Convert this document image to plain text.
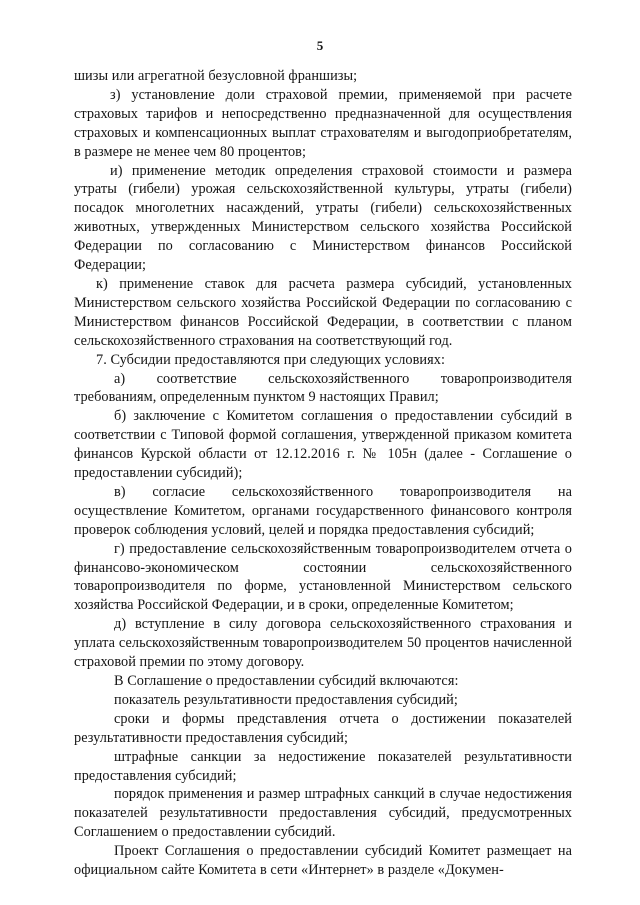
5

шизы или агрегатной безусловной франшизы;

з) установление доли страховой премии, применяемой при расчете страховых тарифов и непосредственно предназначенной для осуществления страховых и компенсационных выплат страхователям и выгодоприобретателям, в размере не менее чем 80 процентов;

и) применение методик определения страховой стоимости и размера утраты (гибели) урожая сельскохозяйственной культуры, утраты (гибели) посадок многолетних насаждений, утраты (гибели) сельскохозяйственных животных, утвержденных Министерством сельского хозяйства Российской Федерации по согласованию с Министерством финансов Российской Федерации;

к) применение ставок для расчета размера субсидий, установленных Министерством сельского хозяйства Российской Федерации по согласованию с Министерством финансов Российской Федерации, в соответствии с планом сельскохозяйственного страхования на соответствующий год.

7. Субсидии предоставляются при следующих условиях:

а) соответствие сельскохозяйственного товаропроизводителя требованиям, определенным пунктом 9 настоящих Правил;

б) заключение с Комитетом соглашения о предоставлении субсидий в соответствии с Типовой формой соглашения, утвержденной приказом комитета финансов Курской области от 12.12.2016 г. № 105н (далее - Соглашение о предоставлении субсидий);

в) согласие сельскохозяйственного товаропроизводителя на осуществление Комитетом, органами государственного финансового контроля проверок соблюдения условий, целей и порядка предоставления субсидий;

г) предоставление сельскохозяйственным товаропроизводителем отчета о финансово-экономическом состоянии сельскохозяйственного товаропроизводителя по форме, установленной Министерством сельского хозяйства Российской Федерации, и в сроки, определенные Комитетом;

д) вступление в силу договора сельскохозяйственного страхования и уплата сельскохозяйственным товаропроизводителем 50 процентов начисленной страховой премии по этому договору.

В Соглашение о предоставлении субсидий включаются:

показатель результативности предоставления субсидий;

сроки и формы представления отчета о достижении показателей результативности предоставления субсидий;

штрафные санкции за недостижение показателей результативности предоставления субсидий;

порядок применения и размер штрафных санкций в случае недостижения показателей результативности предоставления субсидий, предусмотренных Соглашением о предоставлении субсидий.

Проект Соглашения о предоставлении субсидий Комитет размещает на официальном сайте Комитета в сети «Интернет» в разделе «Докумен-
